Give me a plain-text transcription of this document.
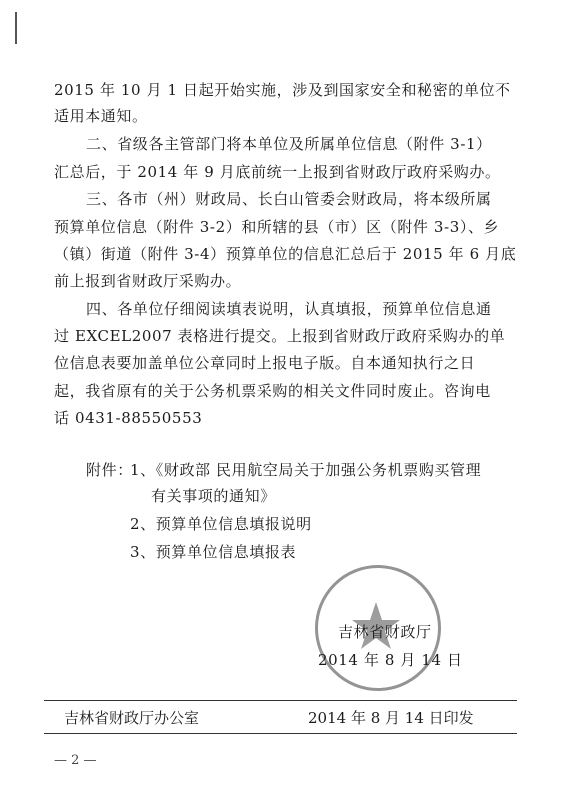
2015 年 10 月 1 日起开始实施，涉及到国家安全和秘密的单位不
适用本通知。
二、省级各主管部门将本单位及所属单位信息（附件 3-1）
汇总后，于 2014 年 9 月底前统一上报到省财政厅政府采购办。
三、各市（州）财政局、长白山管委会财政局，将本级所属
预算单位信息（附件 3-2）和所辖的县（市）区（附件 3-3）、乡
（镇）街道（附件 3-4）预算单位的信息汇总后于 2015 年 6 月底
前上报到省财政厅采购办。
四、各单位仔细阅读填表说明，认真填报，预算单位信息通
过 EXCEL2007 表格进行提交。上报到省财政厅政府采购办的单
位信息表要加盖单位公章同时上报电子版。自本通知执行之日
起，我省原有的关于公务机票采购的相关文件同时废止。咨询电
话 0431-88550553
附件：
1、《财政部 民用航空局关于加强公务机票购买管理
有关事项的通知》
2、预算单位信息填报说明
3、预算单位信息填报表
吉林省财政厅
2014 年 8 月 14 日
吉林省财政厅办公室	2014 年 8 月 14 日印发
— 2 —
